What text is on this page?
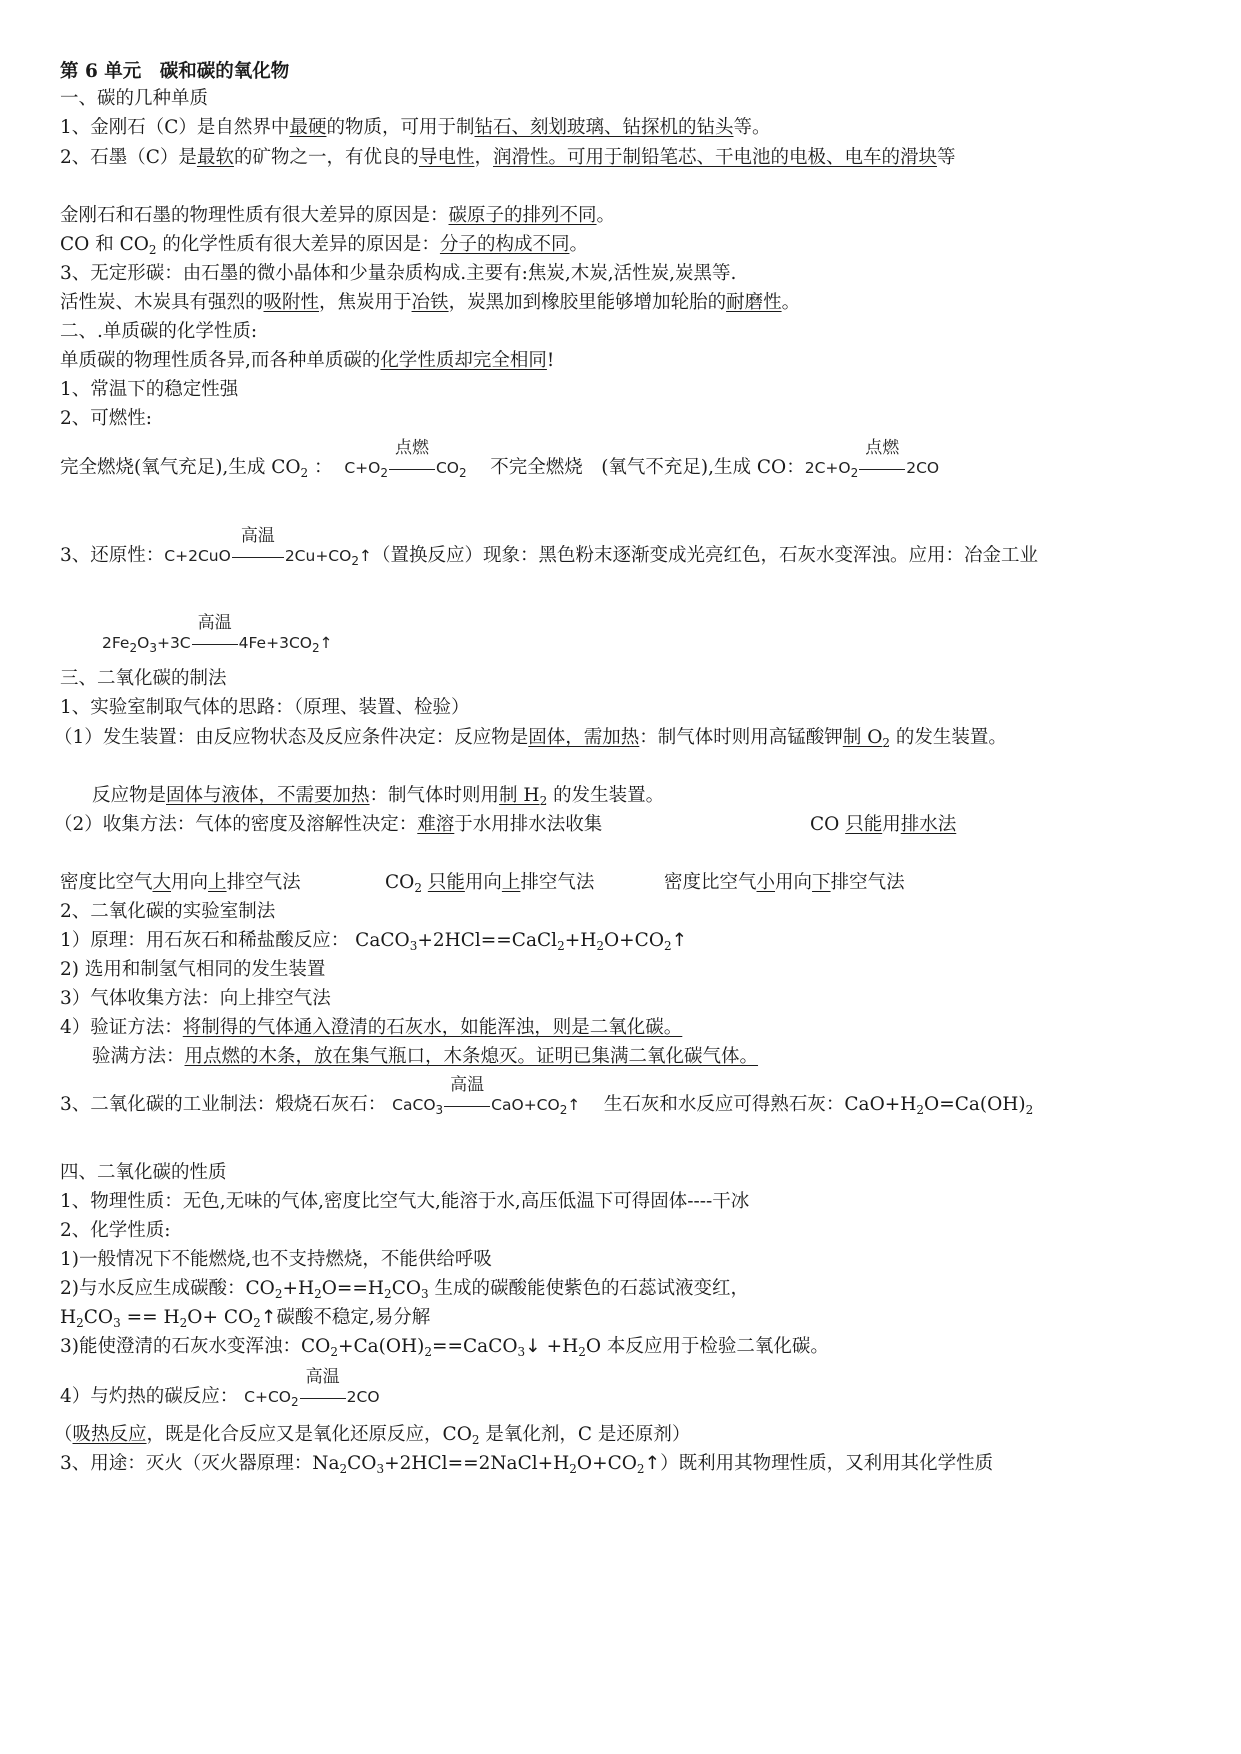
第 6 单元　碳和碳的氧化物
一、碳的几种单质
1、金刚石（C）是自然界中最硬的物质，可用于制钻石、刻划玻璃、钻探机的钻头等。
2、石墨（C）是最软的矿物之一，有优良的导电性，润滑性。可用于制铅笔芯、干电池的电极、电车的滑块等
金刚石和石墨的物理性质有很大差异的原因是：碳原子的排列不同。
CO 和 $CO_2$ 的化学性质有很大差异的原因是：分子的构成不同。
3、无定形碳：由石墨的微小晶体和少量杂质构成.主要有:焦炭,木炭,活性炭,炭黑等.
活性炭、木炭具有强烈的吸附性，焦炭用于冶铁，炭黑加到橡胶里能够增加轮胎的耐磨性。
二、.单质碳的化学性质:
单质碳的物理性质各异,而各种单质碳的化学性质却完全相同!
1、常温下的稳定性强
2、可燃性:
完全燃烧(氧气充足),生成 $CO_2$ ： $C+O_2$
点燃
$CO_2$ 不完全燃烧　(氧气不充足),生成 CO：$2C+O_2$
点燃
2CO
3、还原性：C+2CuO
高温
$2Cu+CO_2↑$（置换反应）现象：黑色粉末逐渐变成光亮红色，石灰水变浑浊。应用：冶金工业
$2Fe_2O_3+3C$
高温
$4Fe+3CO_2↑$
三、二氧化碳的制法
1、实验室制取气体的思路：（原理、装置、检验）
（1）发生装置：由反应物状态及反应条件决定：反应物是固体，需加热：制气体时则用高锰酸钾制 $O_2$ 的发生装置。
反应物是固体与液体，不需要加热：制气体时则用制 $H_2$ 的发生装置。
（2）收集方法：气体的密度及溶解性决定：难溶于水用排水法收集	CO 只能用排水法
密度比空气大用向上排空气法	$CO_2$ 只能用向上排空气法	密度比空气小用向下排空气法
2、二氧化碳的实验室制法
1）原理：用石灰石和稀盐酸反应： $CaCO_3+2HCl==CaCl_2+H_2O+CO_2↑$
2) 选用和制氢气相同的发生装置
3）气体收集方法：向上排空气法
4）验证方法：将制得的气体通入澄清的石灰水，如能浑浊，则是二氧化碳。
验满方法：用点燃的木条，放在集气瓶口，木条熄灭。证明已集满二氧化碳气体。
3、二氧化碳的工业制法：煅烧石灰石： CaCO$_3$
高温
$CaO+CO_2↑$ 生石灰和水反应可得熟石灰：$CaO+H_2O=Ca(OH)_2$
四、二氧化碳的性质
1、物理性质：无色,无味的气体,密度比空气大,能溶于水,高压低温下可得固体----干冰
2、化学性质:
1)一般情况下不能燃烧,也不支持燃烧，不能供给呼吸
2)与水反应生成碳酸：$CO_2+H_2O==H_2CO_3$ 生成的碳酸能使紫色的石蕊试液变红，
$H_2CO_3 == H_2O+$ $CO_2↑$碳酸不稳定,易分解
3)能使澄清的石灰水变浑浊：$CO_2+Ca(OH)_2==CaCO_3↓ +H_2O$ 本反应用于检验二氧化碳。
4）与灼热的碳反应： $C+CO_2$
高温
2CO
（吸热反应，既是化合反应又是氧化还原反应，$CO_2$ 是氧化剂，C 是还原剂）
3、用途：灭火（灭火器原理：$Na_2CO_3+2HCl==2NaCl+H_2O+CO_2↑$）既利用其物理性质，又利用其化学性质
